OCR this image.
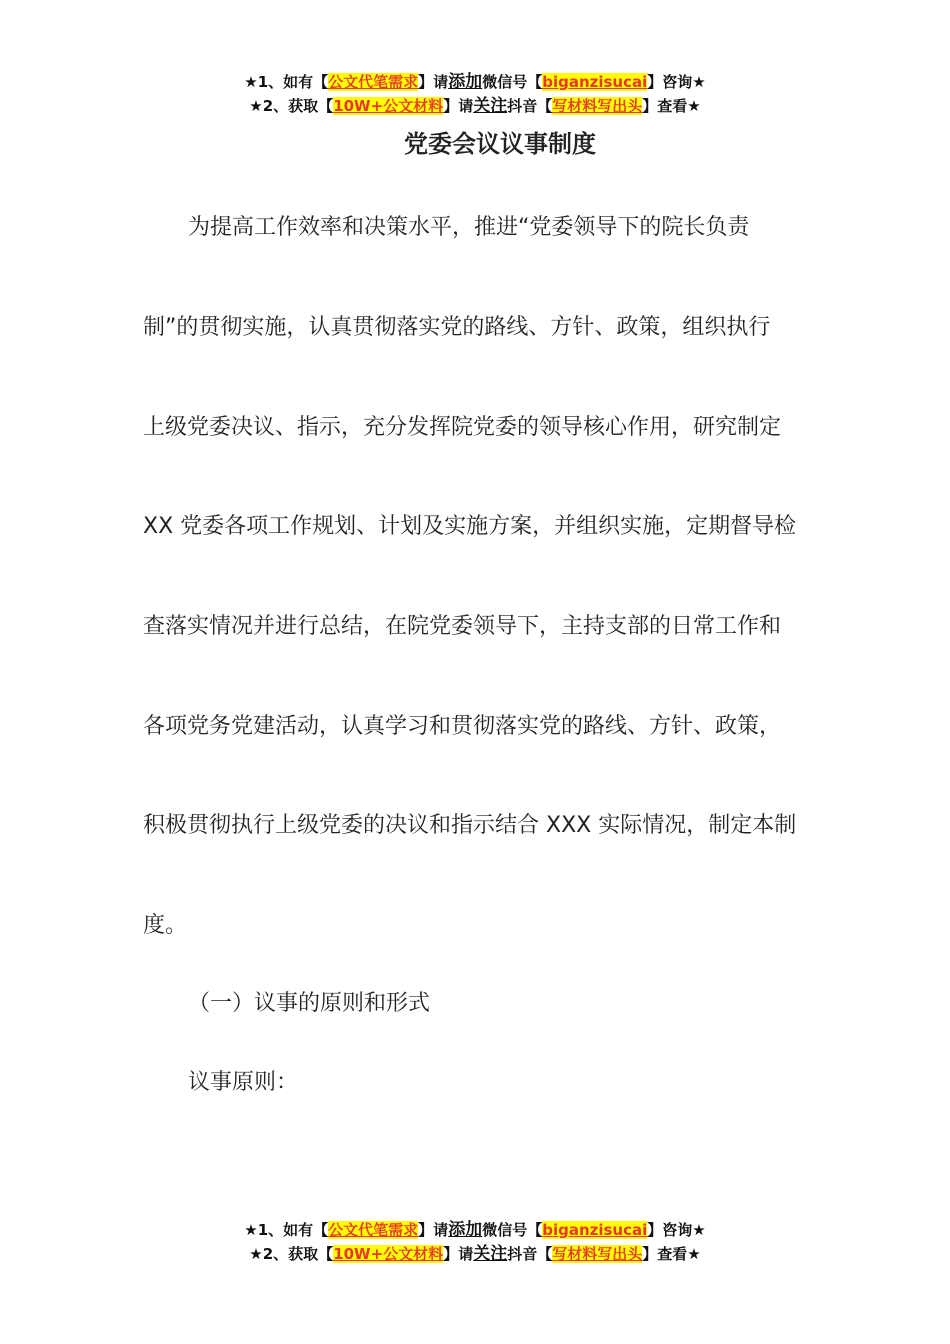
★1、如有【公文代笔需求】请添加微信号【biganzisucai】咨询★
★2、获取【10W+公文材料】请关注抖音【写材料写出头】查看★
党委会议议事制度
为提高工作效率和决策水平，推进“党委领导下的院长负责
制”的贯彻实施，认真贯彻落实党的路线、方针、政策，组织执行
上级党委决议、指示，充分发挥院党委的领导核心作用，研究制定
XX 党委各项工作规划、计划及实施方案，并组织实施，定期督导检
查落实情况并进行总结，在院党委领导下，主持支部的日常工作和
各项党务党建活动，认真学习和贯彻落实党的路线、方针、政策，
积极贯彻执行上级党委的决议和指示结合 XXX 实际情况，制定本制
度。
（一）议事的原则和形式
议事原则：
★1、如有【公文代笔需求】请添加微信号【biganzisucai】咨询★
★2、获取【10W+公文材料】请关注抖音【写材料写出头】查看★
